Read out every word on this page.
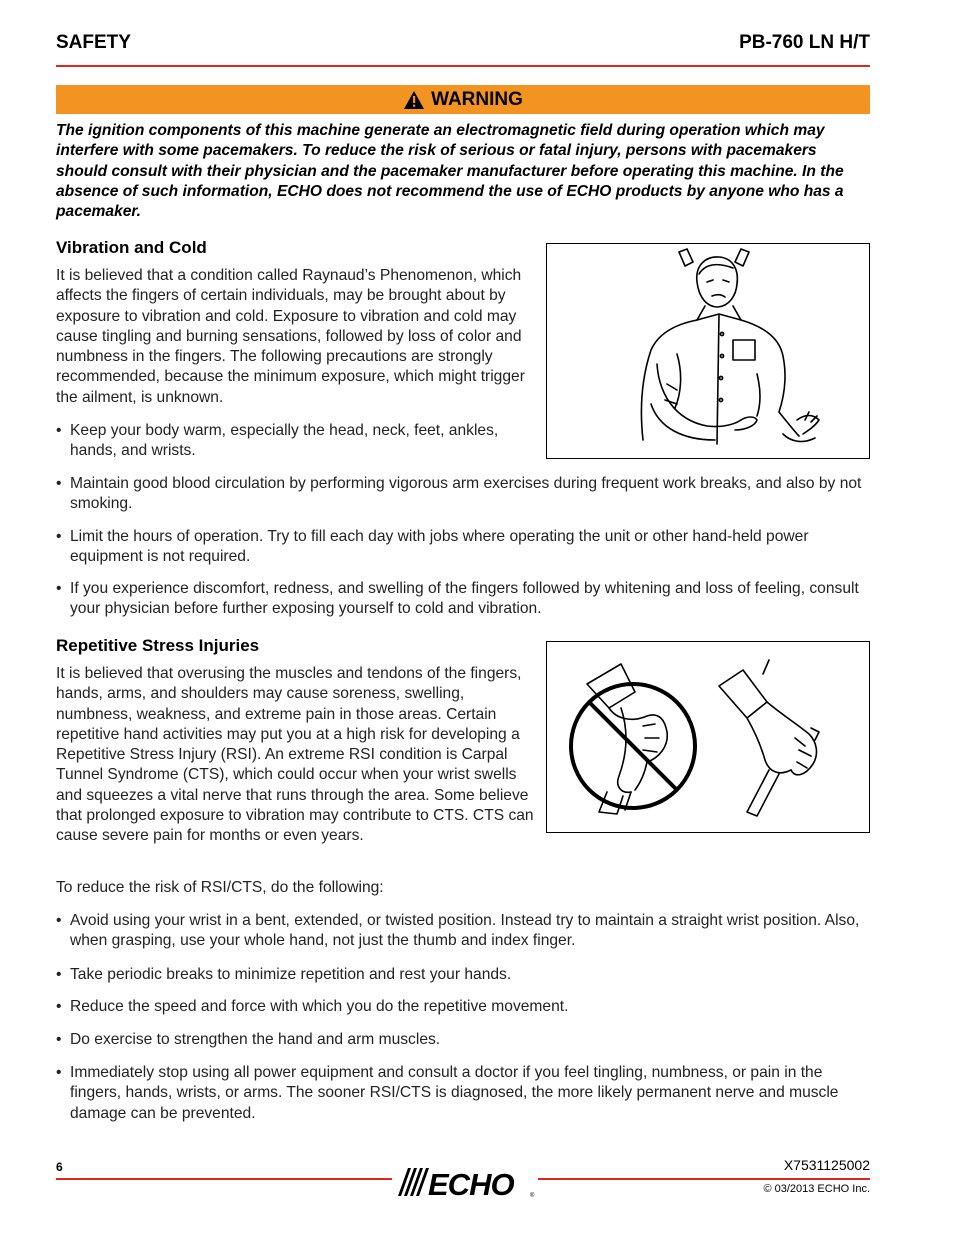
SAFETY	PB-760 LN H/T
WARNING
The ignition components of this machine generate an electromagnetic field during operation which may interfere with some pacemakers. To reduce the risk of serious or fatal injury, persons with pacemakers should consult with their physician and the pacemaker manufacturer before operating this machine. In the absence of such information, ECHO does not recommend the use of ECHO products by anyone who has a pacemaker.
Vibration and Cold
It is believed that a condition called Raynaud’s Phenomenon, which affects the fingers of certain individuals, may be brought about by exposure to vibration and cold. Exposure to vibration and cold may cause tingling and burning sensations, followed by loss of color and numbness in the fingers. The following precautions are strongly recommended, because the minimum exposure, which might trigger the ailment, is unknown.
• Keep your body warm, especially the head, neck, feet, ankles, hands, and wrists.
• Maintain good blood circulation by performing vigorous arm exercises during frequent work breaks, and also by not smoking.
• Limit the hours of operation. Try to fill each day with jobs where operating the unit or other hand-held power equipment is not required.
• If you experience discomfort, redness, and swelling of the fingers followed by whitening and loss of feeling, consult your physician before further exposing yourself to cold and vibration.
Repetitive Stress Injuries
It is believed that overusing the muscles and tendons of the fingers, hands, arms, and shoulders may cause soreness, swelling, numbness, weakness, and extreme pain in those areas. Certain repetitive hand activities may put you at a high risk for developing a Repetitive Stress Injury (RSI). An extreme RSI condition is Carpal Tunnel Syndrome (CTS), which could occur when your wrist swells and squeezes a vital nerve that runs through the area. Some believe that prolonged exposure to vibration may contribute to CTS. CTS can cause severe pain for months or even years.
To reduce the risk of RSI/CTS, do the following:
• Avoid using your wrist in a bent, extended, or twisted position. Instead try to maintain a straight wrist position. Also, when grasping, use your whole hand, not just the thumb and index finger.
• Take periodic breaks to minimize repetition and rest your hands.
• Reduce the speed and force with which you do the repetitive movement.
• Do exercise to strengthen the hand and arm muscles.
• Immediately stop using all power equipment and consult a doctor if you feel tingling, numbness, or pain in the fingers, hands, wrists, or arms. The sooner RSI/CTS is diagnosed, the more likely permanent nerve and muscle damage can be prevented.
6	X7531125002
© 03/2013 ECHO Inc.
ECHO	®
